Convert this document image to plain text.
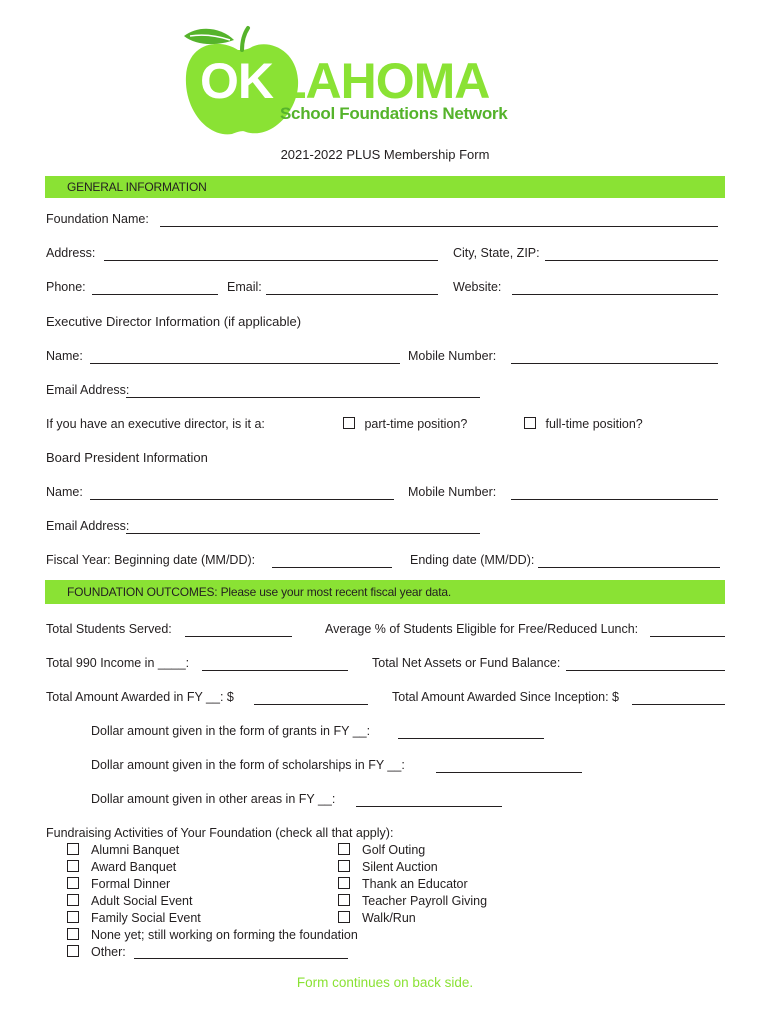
OK LAHOMA
School Foundations Network
2021-2022 PLUS Membership Form
GENERAL INFORMATION
Foundation Name:
Address:	City, State, ZIP:
Phone:	Email:	Website:
Executive Director Information (if applicable)
Name:	Mobile Number:
Email Address:
If you have an executive director, is it a:	part-time position?	full-time position?
Board President Information
Name:	Mobile Number:
Email Address:
Fiscal Year: Beginning date (MM/DD):	Ending date (MM/DD):
FOUNDATION OUTCOMES: Please use your most recent fiscal year data.
Total Students Served:	Average % of Students Eligible for Free/Reduced Lunch:
Total 990 Income in ____:	Total Net Assets or Fund Balance:
Total Amount Awarded in FY __: $	Total Amount Awarded Since Inception: $
Dollar amount given in the form of grants in FY __:
Dollar amount given in the form of scholarships in FY __:
Dollar amount given in other areas in FY __:
Fundraising Activities of Your Foundation (check all that apply):
Alumni Banquet
Award Banquet
Formal Dinner
Adult Social Event
Family Social Event
None yet; still working on forming the foundation
Other:
Golf Outing
Silent Auction
Thank an Educator
Teacher Payroll Giving
Walk/Run
Form continues on back side.
